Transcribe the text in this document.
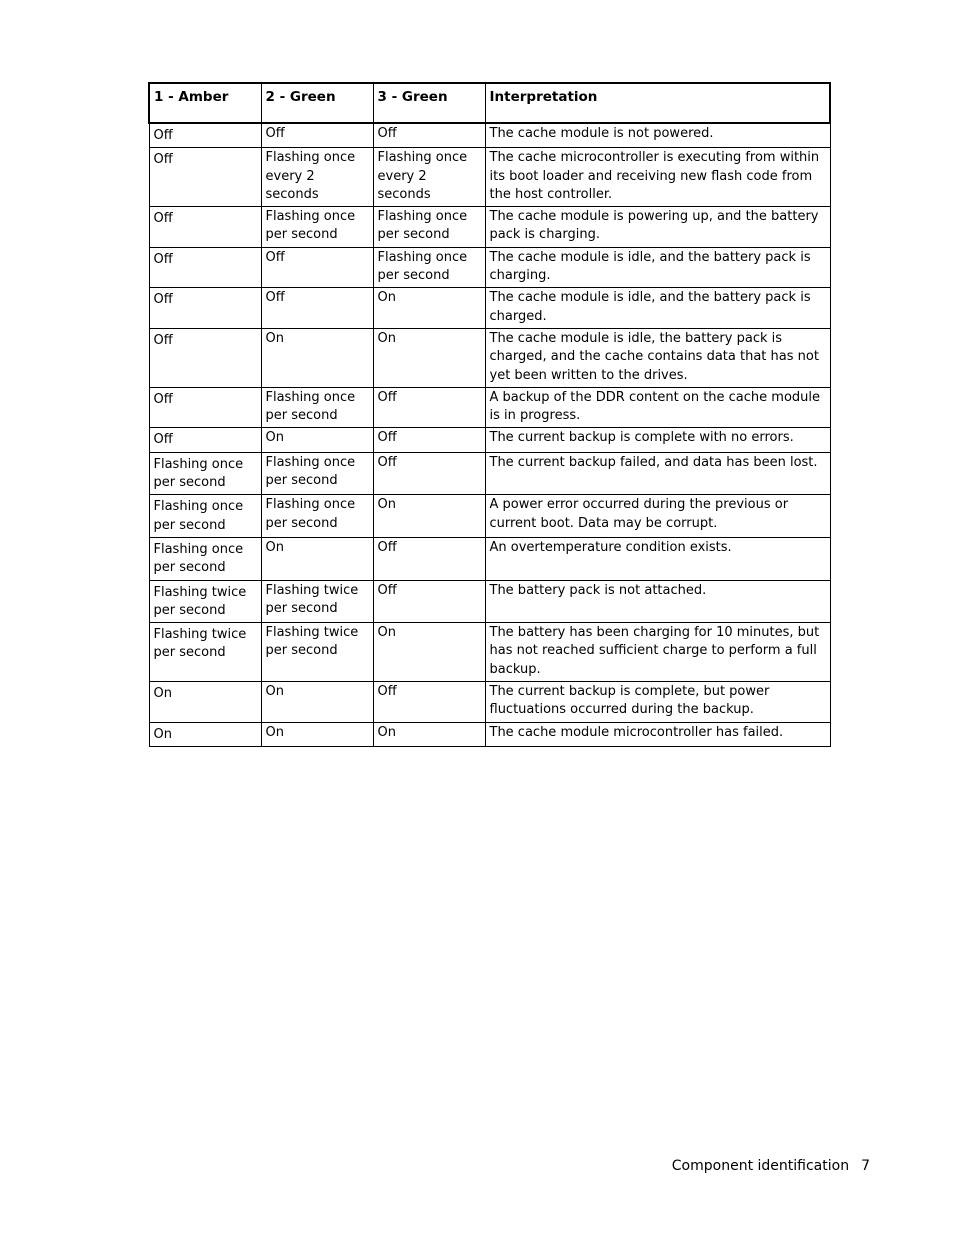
1 - Amber	2 - Green	3 - Green	Interpretation
Off	Off	Off	The cache module is not powered.
Off	Flashing once every 2 seconds	Flashing once every 2 seconds	The cache microcontroller is executing from within its boot loader and receiving new flash code from the host controller.
Off	Flashing once per second	Flashing once per second	The cache module is powering up, and the battery pack is charging.
Off	Off	Flashing once per second	The cache module is idle, and the battery pack is charging.
Off	Off	On	The cache module is idle, and the battery pack is charged.
Off	On	On	The cache module is idle, the battery pack is charged, and the cache contains data that has not yet been written to the drives.
Off	Flashing once per second	Off	A backup of the DDR content on the cache module is in progress.
Off	On	Off	The current backup is complete with no errors.
Flashing once per second	Flashing once per second	Off	The current backup failed, and data has been lost.
Flashing once per second	Flashing once per second	On	A power error occurred during the previous or current boot. Data may be corrupt.
Flashing once per second	On	Off	An overtemperature condition exists.
Flashing twice per second	Flashing twice per second	Off	The battery pack is not attached.
Flashing twice per second	Flashing twice per second	On	The battery has been charging for 10 minutes, but has not reached sufficient charge to perform a full backup.
On	On	Off	The current backup is complete, but power fluctuations occurred during the backup.
On	On	On	The cache module microcontroller has failed.
Component identification 7
